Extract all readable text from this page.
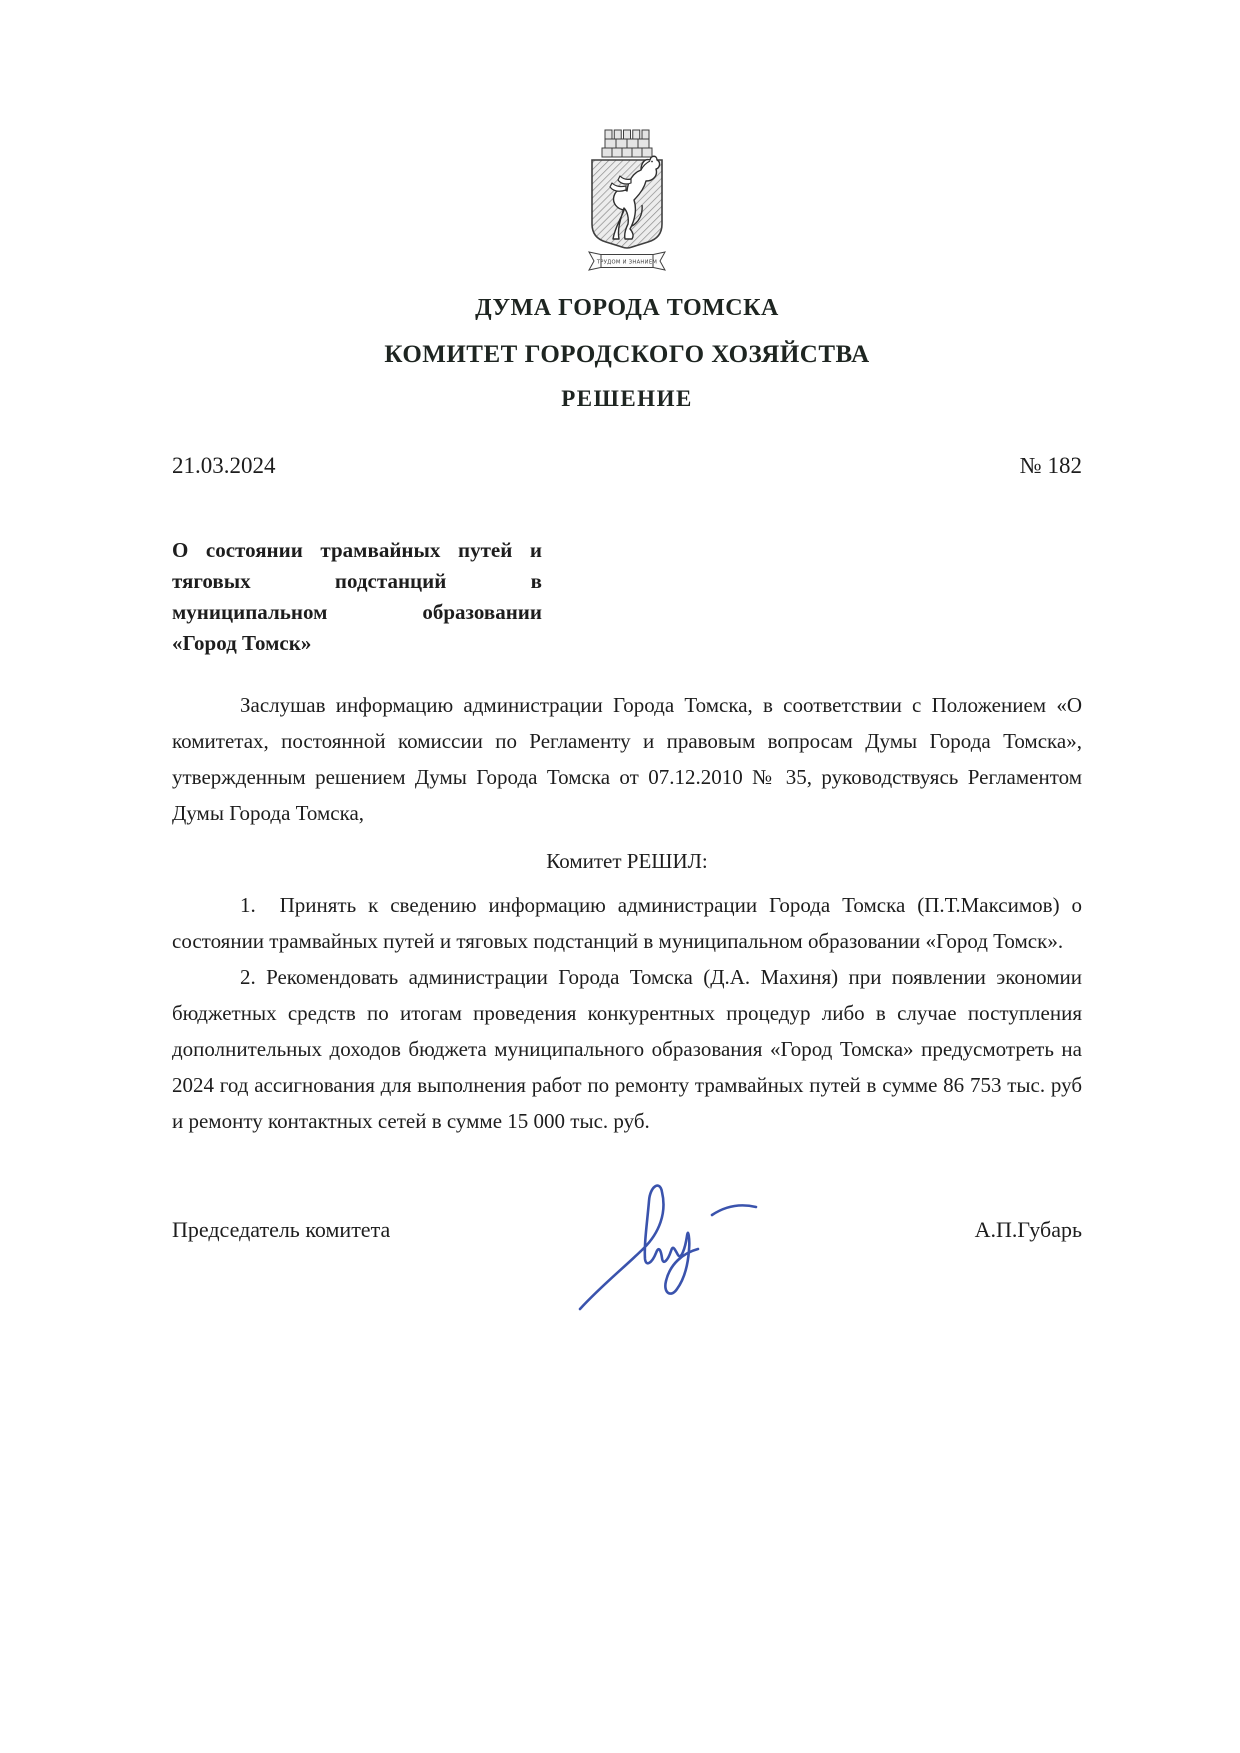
ТРУДОМ И ЗНАНИЕМ
ДУМА ГОРОДА ТОМСКА
КОМИТЕТ ГОРОДСКОГО ХОЗЯЙСТВА
РЕШЕНИЕ
21.03.2024	№ 182
О состоянии трамвайных путей и
тяговых подстанций в
муниципальном образовании
«Город Томск»

Заслушав информацию администрации Города Томска, в соответствии с Положением «О комитетах, постоянной комиссии по Регламенту и правовым вопросам Думы Города Томска», утвержденным решением Думы Города Томска от 07.12.2010 № 35, руководствуясь Регламентом Думы Города Томска,

Комитет РЕШИЛ:

1.  Принять к сведению информацию администрации Города Томска (П.Т.Максимов) о состоянии трамвайных путей и тяговых подстанций в муниципальном образовании «Город Томск».

2. Рекомендовать администрации Города Томска (Д.А. Махиня) при появлении экономии бюджетных средств по итогам проведения конкурентных процедур либо в случае поступления дополнительных доходов бюджета муниципального образования «Город Томска» предусмотреть на 2024 год ассигнования для выполнения работ по ремонту трамвайных путей в сумме 86 753 тыс. руб и ремонту контактных сетей в сумме 15 000 тыс. руб.

Председатель комитета	А.П.Губарь
